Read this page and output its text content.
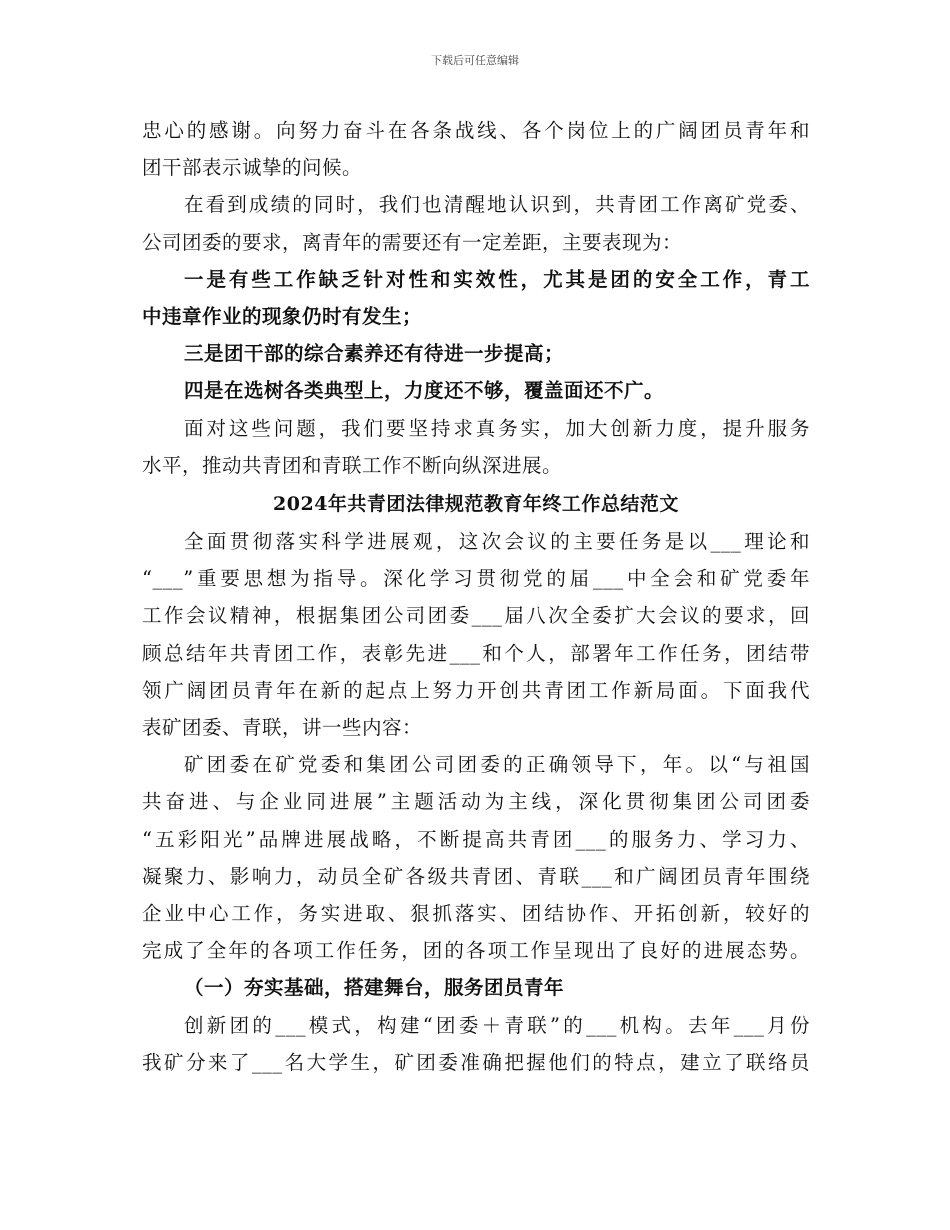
下载后可任意编辑
忠心的感谢。向努力奋斗在各条战线、各个岗位上的广阔团员青年和
团干部表示诚挚的问候。
在看到成绩的同时，我们也清醒地认识到，共青团工作离矿党委、
公司团委的要求，离青年的需要还有一定差距，主要表现为：
一是有些工作缺乏针对性和实效性，尤其是团的安全工作，青工
中违章作业的现象仍时有发生；
三是团干部的综合素养还有待进一步提高；
四是在选树各类典型上，力度还不够，覆盖面还不广。
面对这些问题，我们要坚持求真务实，加大创新力度，提升服务
水平，推动共青团和青联工作不断向纵深进展。
2024年共青团法律规范教育年终工作总结范文
全面贯彻落实科学进展观，这次会议的主要任务是以___理论和
“___”重要思想为指导。深化学习贯彻党的届___中全会和矿党委年
工作会议精神，根据集团公司团委___届八次全委扩大会议的要求，回
顾总结年共青团工作，表彰先进___和个人，部署年工作任务，团结带
领广阔团员青年在新的起点上努力开创共青团工作新局面。下面我代
表矿团委、青联，讲一些内容：
矿团委在矿党委和集团公司团委的正确领导下，年。以“与祖国
共奋进、与企业同进展”主题活动为主线，深化贯彻集团公司团委
“五彩阳光”品牌进展战略，不断提高共青团___的服务力、学习力、
凝聚力、影响力，动员全矿各级共青团、青联___和广阔团员青年围绕
企业中心工作，务实进取、狠抓落实、团结协作、开拓创新，较好的
完成了全年的各项工作任务，团的各项工作呈现出了良好的进展态势。
（一）夯实基础，搭建舞台，服务团员青年
创新团的___模式，构建“团委＋青联”的___机构。去年___月份
我矿分来了___名大学生，矿团委准确把握他们的特点，建立了联络员
